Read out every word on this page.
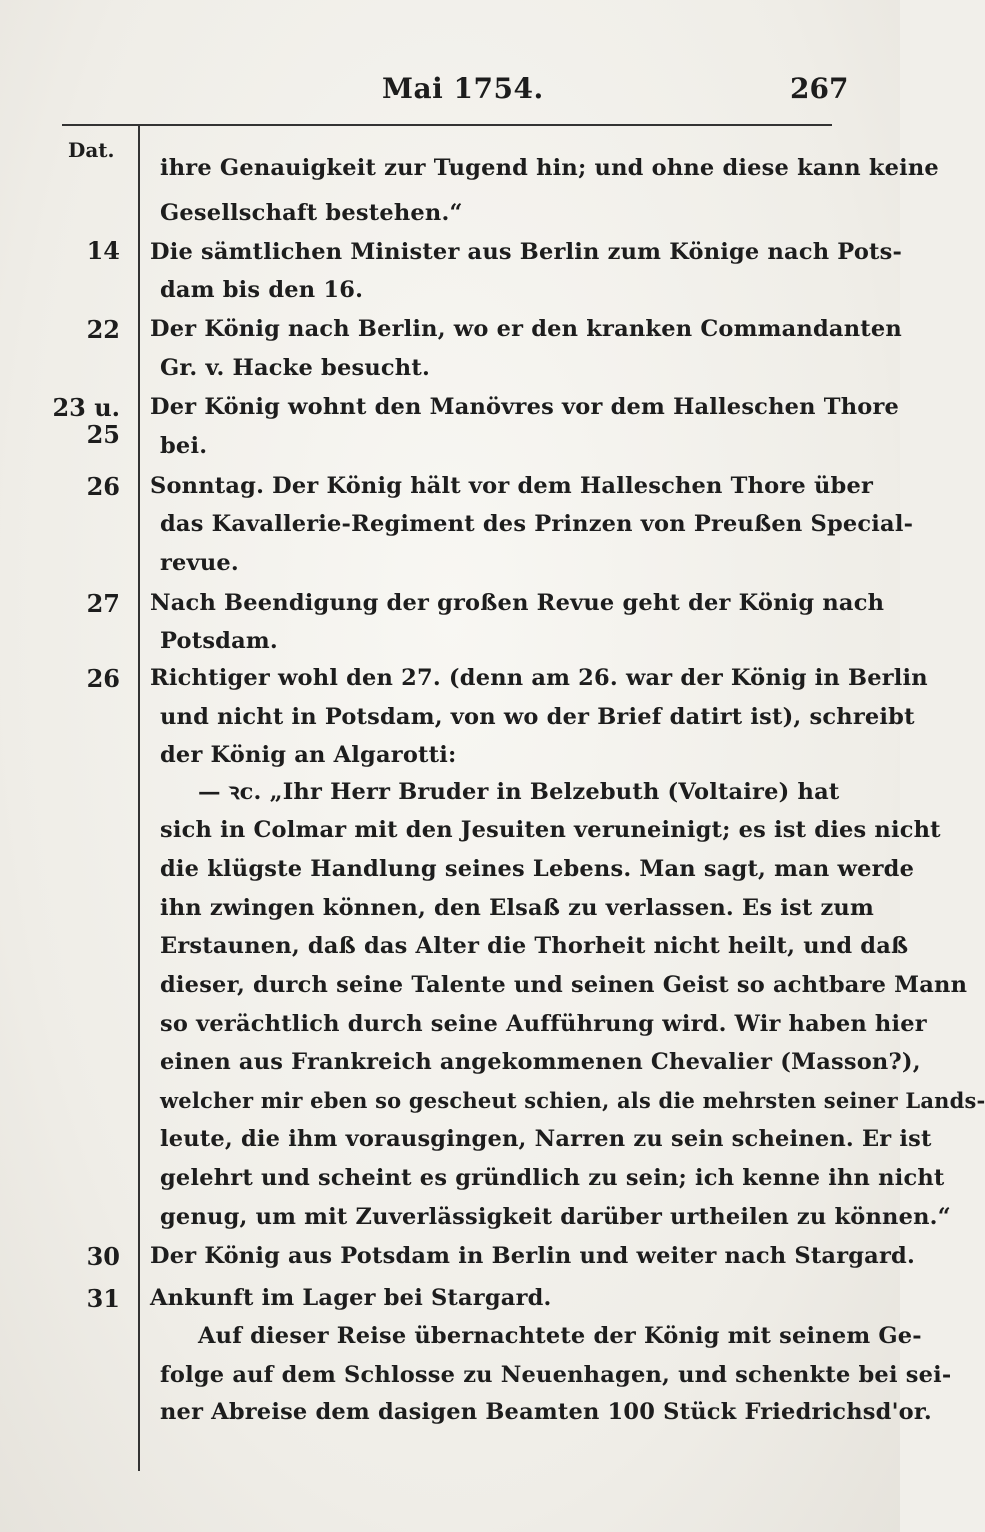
Mai 1754.	267
Dat.
14
22
23 u.
25
26
27
26
30
31
ihre Genauigkeit zur Tugend hin; und ohne diese kann keine
Gesellschaft bestehen.“
Die sämtlichen Minister aus Berlin zum Könige nach Pots-
dam bis den 16.
Der König nach Berlin, wo er den kranken Commandanten
Gr. v. Hacke besucht.
Der König wohnt den Manövres vor dem Halleschen Thore
bei.
Sonntag. Der König hält vor dem Halleschen Thore über
das Kavallerie-Regiment des Prinzen von Preußen Special-
revue.
Nach Beendigung der großen Revue geht der König nach
Potsdam.
Richtiger wohl den 27. (denn am 26. war der König in Berlin
und nicht in Potsdam, von wo der Brief datirt ist), schreibt
der König an Algarotti:
— ꝛc. „Ihr Herr Bruder in Belzebuth (Voltaire) hat
sich in Colmar mit den Jesuiten veruneinigt; es ist dies nicht
die klügste Handlung seines Lebens. Man sagt, man werde
ihn zwingen können, den Elsaß zu verlassen. Es ist zum
Erstaunen, daß das Alter die Thorheit nicht heilt, und daß
dieser, durch seine Talente und seinen Geist so achtbare Mann
so verächtlich durch seine Aufführung wird. Wir haben hier
einen aus Frankreich angekommenen Chevalier (Masson?),
welcher mir eben so gescheut schien, als die mehrsten seiner Lands-
leute, die ihm vorausgingen, Narren zu sein scheinen. Er ist
gelehrt und scheint es gründlich zu sein; ich kenne ihn nicht
genug, um mit Zuverlässigkeit darüber urtheilen zu können.“
Der König aus Potsdam in Berlin und weiter nach Stargard.
Ankunft im Lager bei Stargard.
Auf dieser Reise übernachtete der König mit seinem Ge-
folge auf dem Schlosse zu Neuenhagen, und schenkte bei sei-
ner Abreise dem dasigen Beamten 100 Stück Friedrichsd'or.
